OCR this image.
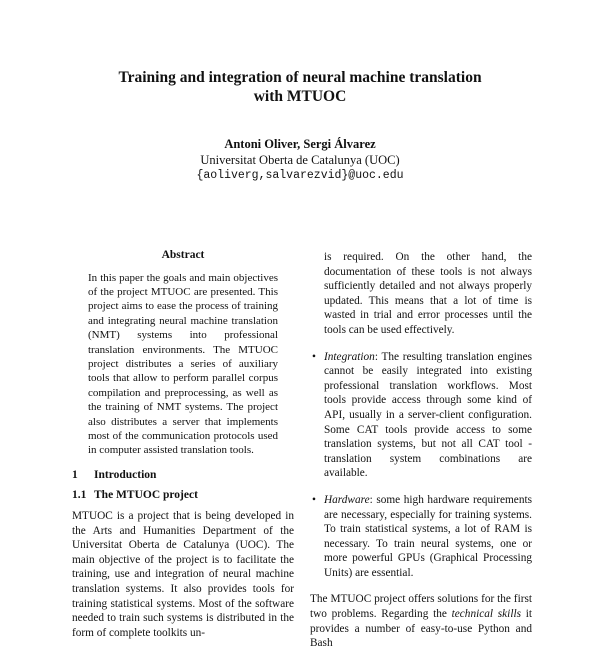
Training and integration of neural machine translation
with MTUOC
Antoni Oliver, Sergi Álvarez
Universitat Oberta de Catalunya (UOC)
{aoliverg,salvarezvid}@uoc.edu
Abstract

In this paper the goals and main objectives of the project MTUOC are presented. This project aims to ease the process of training and integrating neural machine translation (NMT) systems into professional translation environments. The MTUOC project distributes a series of auxiliary tools that allow to perform parallel corpus compilation and preprocessing, as well as the training of NMT systems. The project also distributes a server that implements most of the communication protocols used in computer assisted translation tools.

1 Introduction
1.1 The MTUOC project

MTUOC is a project that is being developed in the Arts and Humanities Department of the Universitat Oberta de Catalunya (UOC). The main objective of the project is to facilitate the training, use and integration of neural machine translation systems. It also provides tools for training statistical systems. Most of the software needed to train such systems is distributed in the form of complete toolkits un-

is required. On the other hand, the documentation of these tools is not always sufficiently detailed and not always properly updated. This means that a lot of time is wasted in trial and error processes until the tools can be used effectively.

• Integration: The resulting translation engines cannot be easily integrated into existing professional translation workflows. Most tools provide access through some kind of API, usually in a server-client configuration. Some CAT tools provide access to some translation systems, but not all CAT tool - translation system combinations are available.
• Hardware: some high hardware requirements are necessary, especially for training systems. To train statistical systems, a lot of RAM is necessary. To train neural systems, one or more powerful GPUs (Graphical Processing Units) are essential.

The MTUOC project offers solutions for the first two problems. Regarding the technical skills it provides a number of easy-to-use Python and Bash
